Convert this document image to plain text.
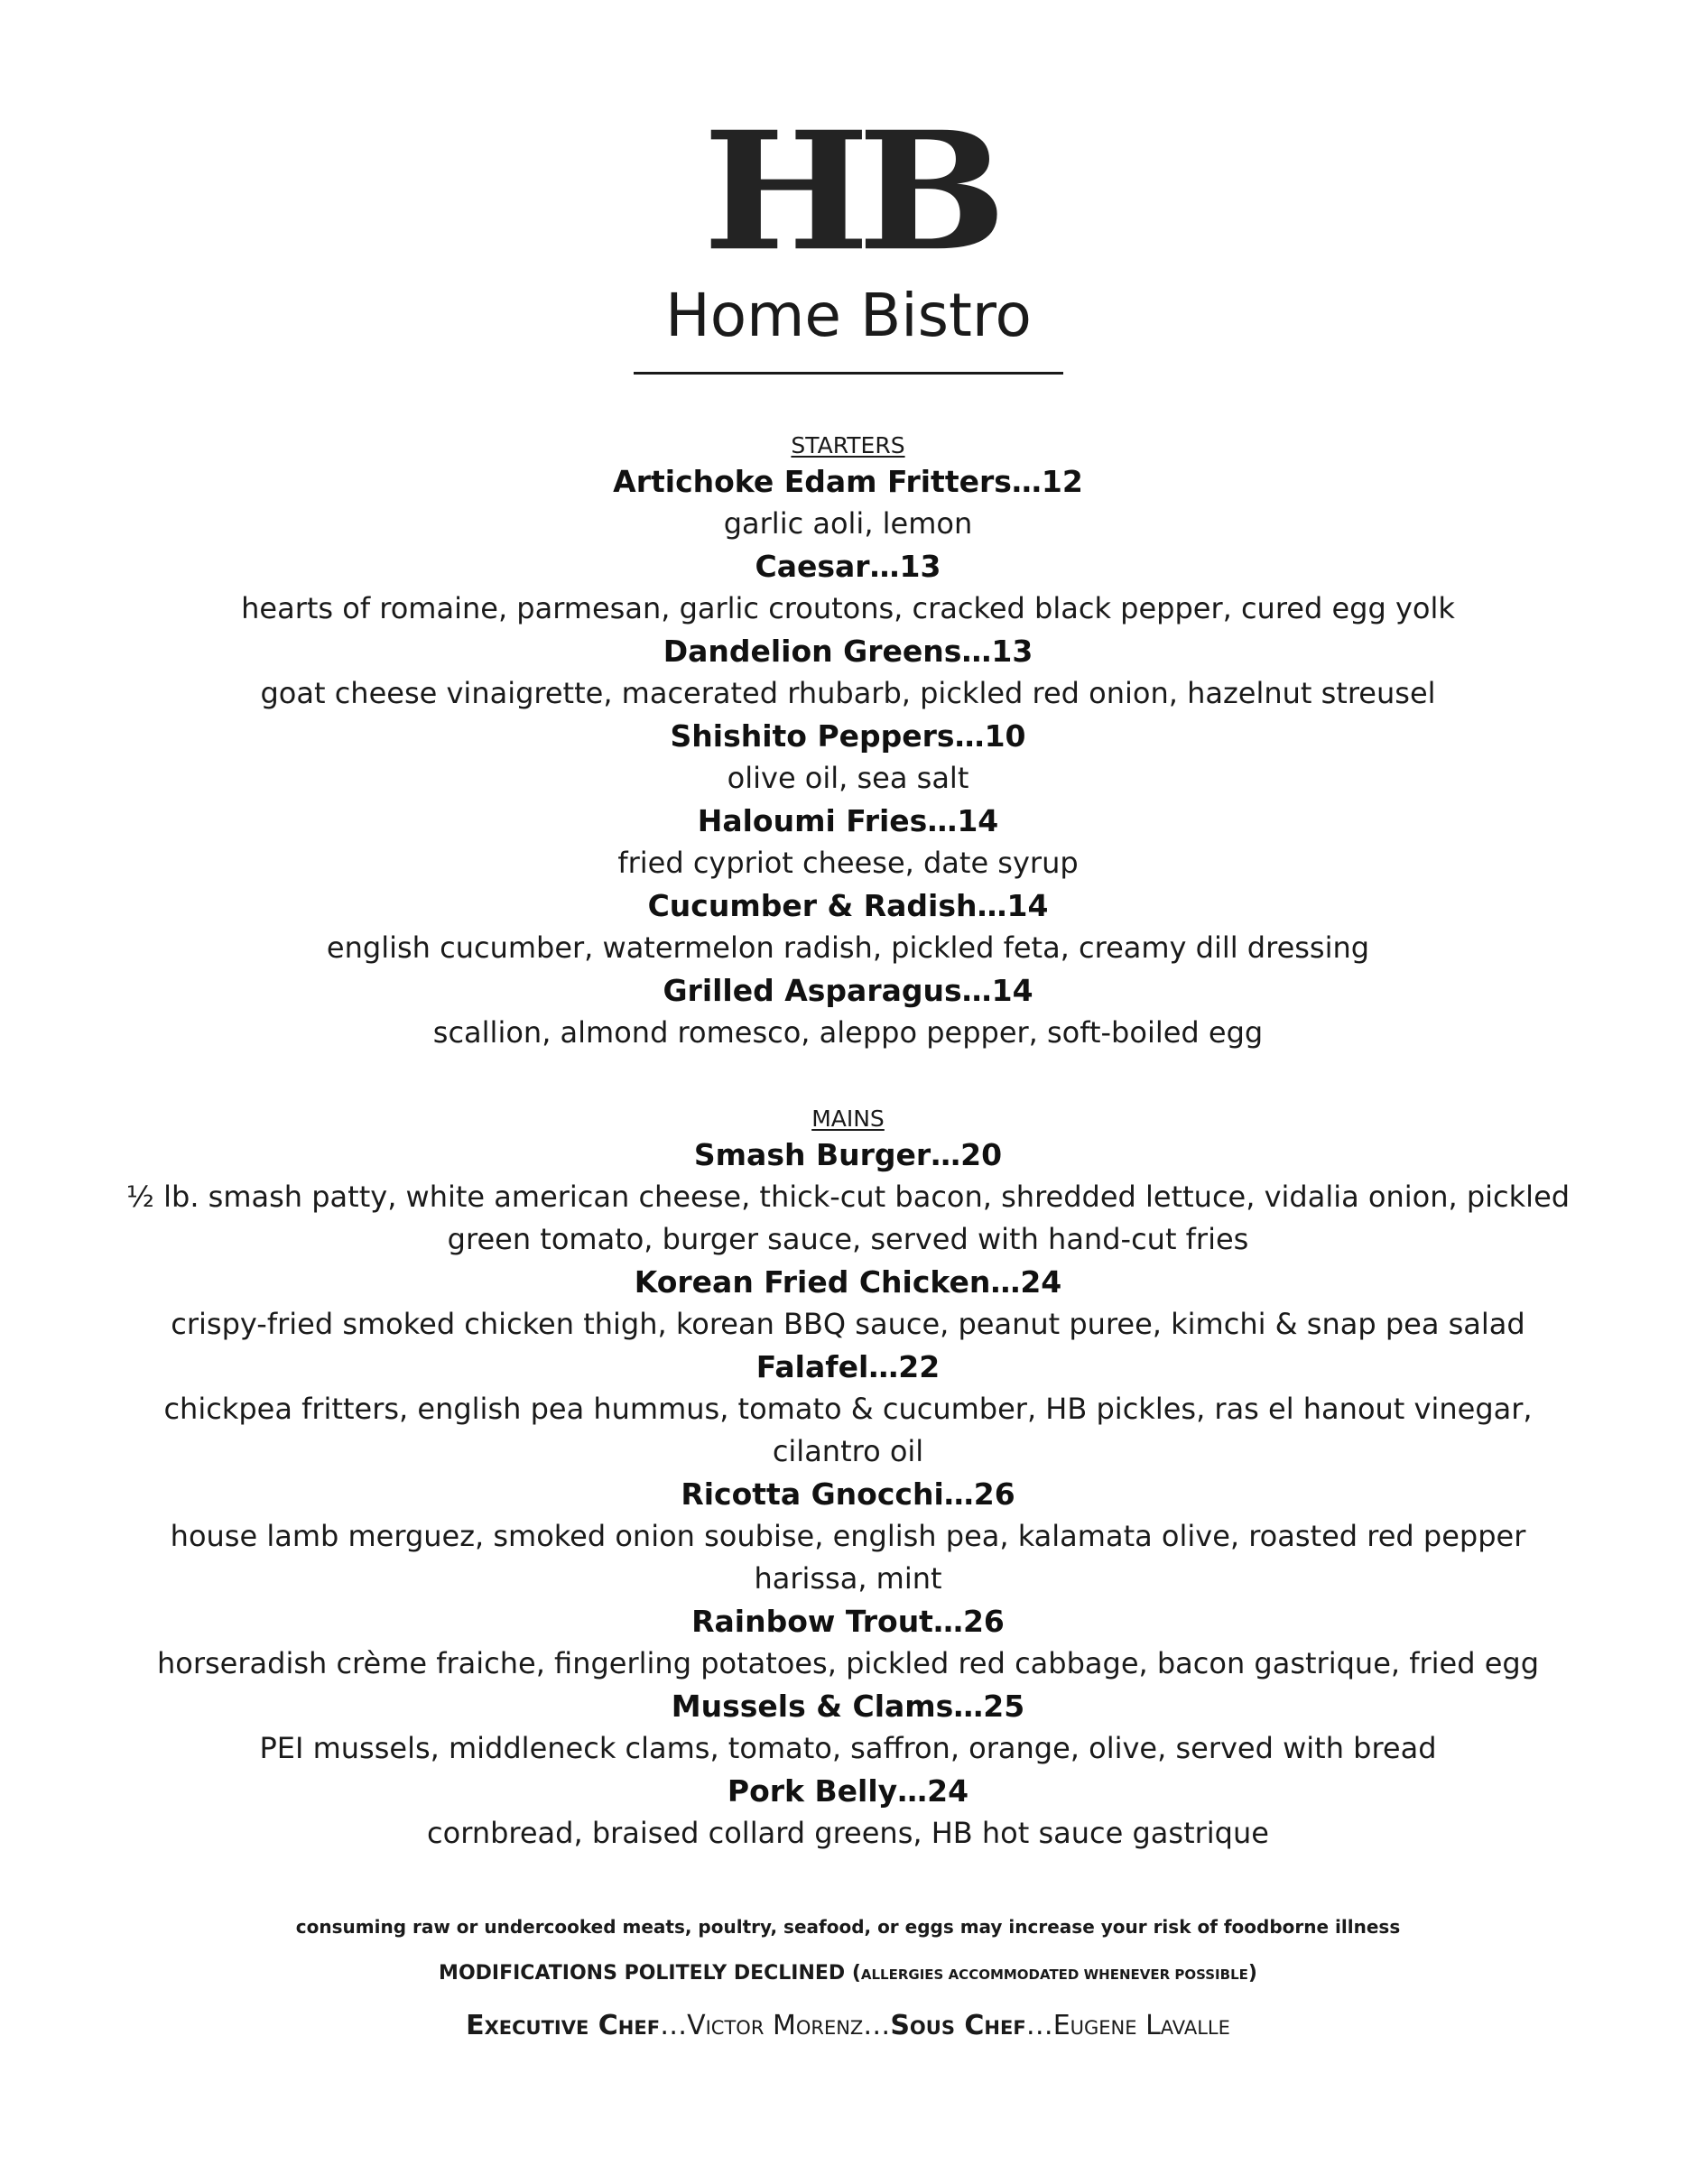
HB
Home Bistro

STARTERS

Artichoke Edam Fritters…12

garlic aoli, lemon

Caesar…13

hearts of romaine, parmesan, garlic croutons, cracked black pepper, cured egg yolk

Dandelion Greens…13

goat cheese vinaigrette, macerated rhubarb, pickled red onion, hazelnut streusel

Shishito Peppers…10

olive oil, sea salt

Haloumi Fries…14

fried cypriot cheese, date syrup

Cucumber & Radish…14

english cucumber, watermelon radish, pickled feta, creamy dill dressing

Grilled Asparagus…14

scallion, almond romesco, aleppo pepper, soft-boiled egg

MAINS

Smash Burger…20

½ lb. smash patty, white american cheese, thick-cut bacon, shredded lettuce, vidalia onion, pickled

green tomato, burger sauce, served with hand-cut fries

Korean Fried Chicken…24

crispy-fried smoked chicken thigh, korean BBQ sauce, peanut puree, kimchi & snap pea salad

Falafel…22

chickpea fritters, english pea hummus, tomato & cucumber, HB pickles, ras el hanout vinegar,

cilantro oil

Ricotta Gnocchi…26

house lamb merguez, smoked onion soubise, english pea, kalamata olive, roasted red pepper

harissa, mint

Rainbow Trout…26

horseradish crème fraiche, fingerling potatoes, pickled red cabbage, bacon gastrique, fried egg

Mussels & Clams…25

PEI mussels, middleneck clams, tomato, saffron, orange, olive, served with bread

Pork Belly…24

cornbread, braised collard greens, HB hot sauce gastrique

consuming raw or undercooked meats, poultry, seafood, or eggs may increase your risk of foodborne illness

MODIFICATIONS POLITELY DECLINED (ALLERGIES ACCOMMODATED WHENEVER POSSIBLE)
Executive Chef…Victor Morenz…Sous Chef…Eugene Lavalle
